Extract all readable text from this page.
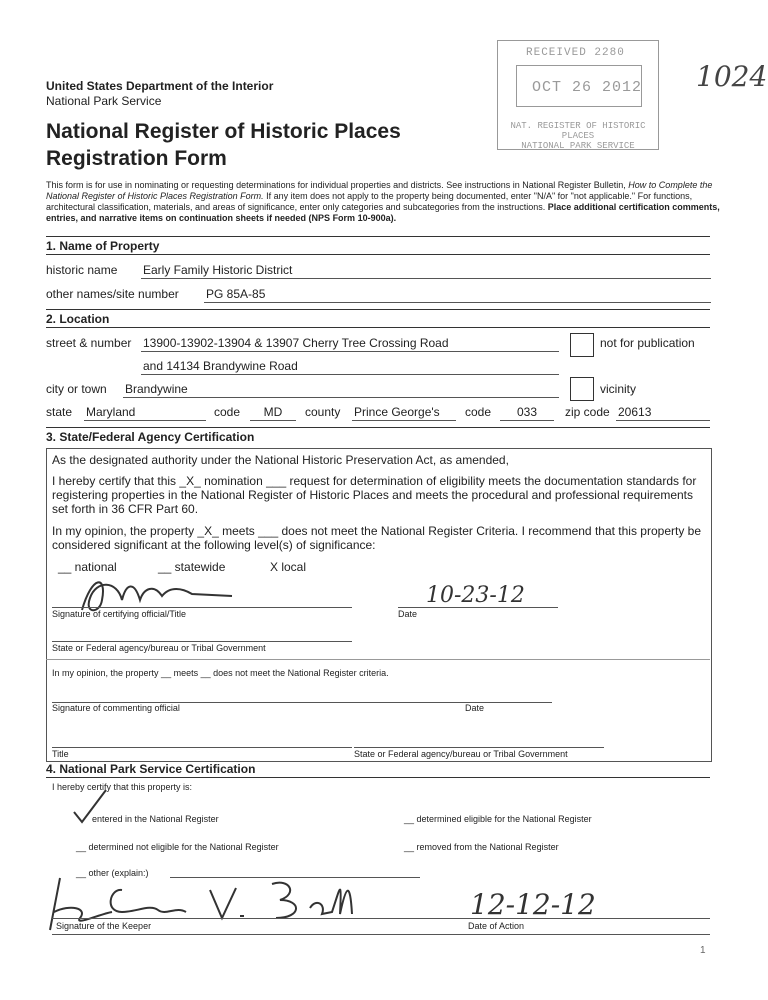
United States Department of the Interior
National Park Service
National Register of Historic Places
Registration Form
RECEIVED 2280
OCT 26 2012
NAT. REGISTER OF HISTORIC PLACES
NATIONAL PARK SERVICE
1024
This form is for use in nominating or requesting determinations for individual properties and districts. See instructions in National Register Bulletin, How to Complete the National Register of Historic Places Registration Form. If any item does not apply to the property being documented, enter "N/A" for "not applicable." For functions, architectural classification, materials, and areas of significance, enter only categories and subcategories from the instructions. Place additional certification comments, entries, and narrative items on continuation sheets if needed (NPS Form 10-900a).
1. Name of Property
historic name Early Family Historic District
other names/site number PG 85A-85
2. Location
street & number 13900-13902-13904 & 13907 Cherry Tree Crossing Road	not for publication
and 14134 Brandywine Road
city or town Brandywine	vicinity
state Maryland	code	MD	county Prince George's	code	033	zip code 20613
3. State/Federal Agency Certification
As the designated authority under the National Historic Preservation Act, as amended,
I hereby certify that this _X_ nomination ___ request for determination of eligibility meets the documentation standards for registering properties in the National Register of Historic Places and meets the procedural and professional requirements set forth in 36 CFR Part 60.
In my opinion, the property _X_ meets ___ does not meet the National Register Criteria. I recommend that this property be considered significant at the following level(s) of significance:
__ national	__ statewide	X local
Signature of certifying official/Title
10-23-12
Date
State or Federal agency/bureau or Tribal Government
In my opinion, the property __ meets __ does not meet the National Register criteria.
Signature of commenting official	Date
Title	State or Federal agency/bureau or Tribal Government
4. National Park Service Certification
I hereby certify that this property is:
entered in the National Register	__ determined eligible for the National Register
__ determined not eligible for the National Register	__ removed from the National Register
__ other (explain:)
12-12-12
Signature of the Keeper	Date of Action
1
